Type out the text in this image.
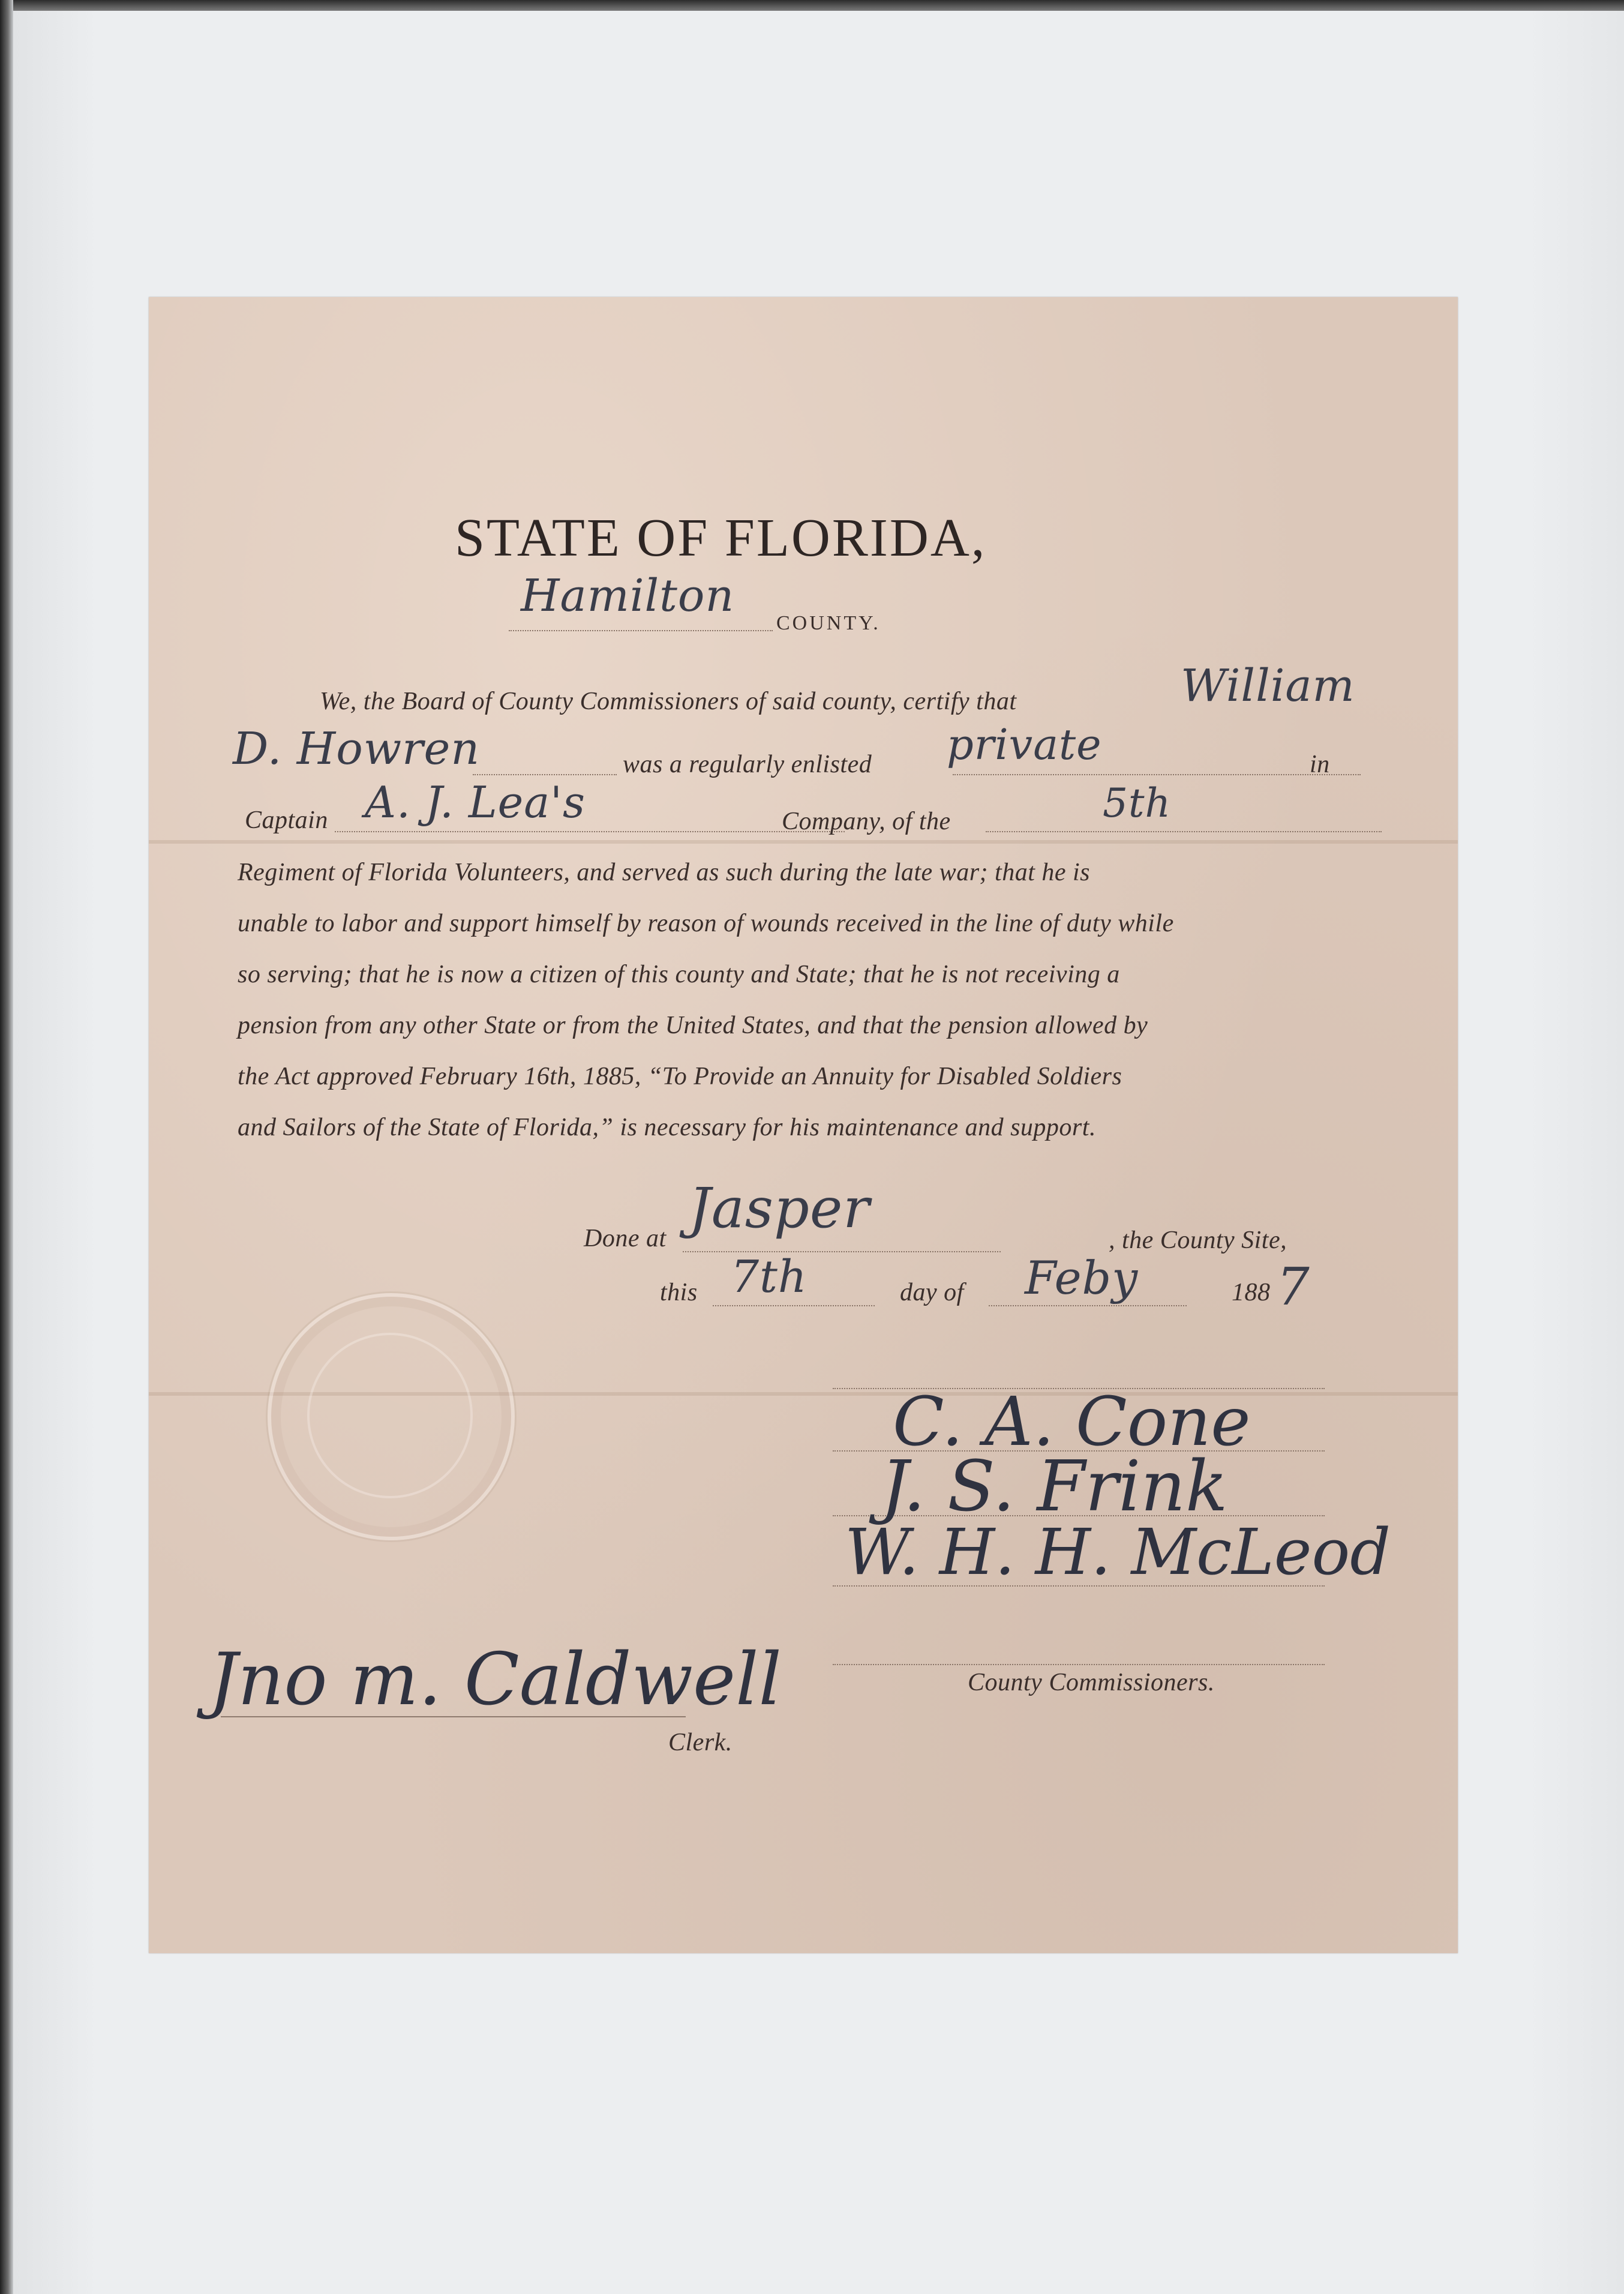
STATE OF FLORIDA,
Hamilton
COUNTY.
We, the Board of County Commissioners of said county, certify that	William
D. Howren	was a regularly enlisted private	in
Captain A. J. Lea's	Company, of the	5th
Regiment of Florida Volunteers, and served as such during the late war; that he is
unable to labor and support himself by reason of wounds received in the line of duty while
so serving; that he is now a citizen of this county and State; that he is not receiving a
pension from any other State or from the United States, and that the pension allowed by
the Act approved February 16th, 1885, “To Provide an Annuity for Disabled Soldiers
and Sailors of the State of Florida,” is necessary for his maintenance and support.
Done at Jasper	, the County Site,
this 7th	day of Feby	188 7
C. A. Cone
J. S. Frink
W. H. H. McLeod
County Commissioners.
Jno m. Caldwell
Clerk.
